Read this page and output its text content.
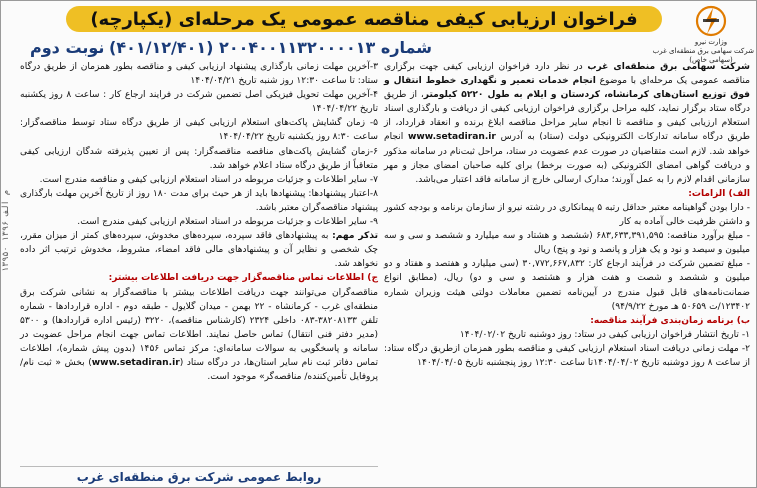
۱۳۹۵۰ م الف ۱۳۹۶
فراخوان ارزیابی کیفی مناقصه عمومی یک مرحله‌ای (یکپارچه)
وزارت نیرو
شرکت سهامی برق منطقه‌ای غرب
(سهامی خاص)
شماره ۲۰۰۴۰۰۱۱۳۲۰۰۰۰۱۳ (۴۰۱/۱۲/۴۰۱)
نوبت دوم

شرکت سهامی برق منطقه‌ای غرب در نظر دارد فراخوان ارزیابی کیفی جهت برگزاری مناقصه عمومی یک مرحله‌ای با موضوع انجام خدمات تعمیر و نگهداری خطوط انتقال و فوق توزیع استان‌های کرمانشاه، کردستان و ایلام به طول ۵۲۲۰ کیلومتر، از طریق درگاه ستاد برگزار نماید، کلیه مراحل برگزاری فراخوان ارزیابی کیفی از دریافت و بارگذاری اسناد استعلام ارزیابی کیفی و مناقصه تا انجام سایر مراحل مناقصه ابلاغ برنده و انعقاد قرارداد، از طریق درگاه سامانه تدارکات الکترونیکی دولت (ستاد) به آدرس www.setadiran.ir انجام خواهد شد. لازم است متقاضیان در صورت عدم عضویت در ستاد، مراحل ثبت‌نام در سامانه مذکور و دریافت گواهی امضای الکترونیکی (به صورت برخط) برای کلیه صاحبان امضای مجاز و مهر سازمانی اقدام لازم را به عمل آورند؛ مدارک ارسالی خارج از سامانه فاقد اعتبار می‌باشد.

الف) الزامات:

- دارا بودن گواهینامه معتبر حداقل رتبه ۵ پیمانکاری در رشته نیرو از سازمان برنامه و بودجه کشور و داشتن ظرفیت خالی آماده به کار

- مبلغ برآورد مناقصه: ۶۸۳,۶۳۳,۳۹۱,۵۹۵ (ششصد و هشتاد و سه میلیارد و ششصد و سی و سه میلیون و سیصد و نود و یک هزار و پانصد و نود و پنج) ریال

- مبلغ تضمین شرکت در فرآیند ارجاع کار: ۳۰,۷۷۲,۶۶۷,۸۳۲ (سی میلیارد و هفتصد و هفتاد و دو میلیون و ششصد و شصت و هفت هزار و هشتصد و سی و دو) ریال، (مطابق انواع ضمانت‌نامه‌های قابل قبول مندرج در آیین‌نامه تضمین معاملات دولتی هیئت وزیران شماره ۱۲۳۴۰۲/ت ۵۰۶۵۹ هـ مورخ ۹۴/۹/۲۲)

ب) برنامه زمان‌بندی فرآیند مناقصه:

۱- تاریخ انتشار فراخوان ارزیابی کیفی در ستاد: روز دوشنبه تاریخ ۱۴۰۴/۰۲/۰۲

۲- مهلت زمانی دریافت اسناد استعلام ارزیابی کیفی و مناقصه بطور همزمان ازطریق درگاه ستاد: از ساعت ۸ روز دوشنبه تاریخ ۱۴۰۴/۰۴/۰۲تا ساعت ۱۲:۳۰ روز پنجشنبه تاریخ ۱۴۰۴/۰۴/۰۵

۳-آخرین مهلت زمانی بارگذاری پیشنهاد ارزیابی کیفی و مناقصه بطور همزمان از طریق درگاه ستاد: تا ساعت ۱۲:۳۰ روز شنبه تاریخ ۱۴۰۴/۰۴/۲۱

۴-آخرین مهلت تحویل فیزیکی اصل تضمین شرکت در فرایند ارجاع کار : ساعت ۸ روز یکشنبه تاریخ ۱۴۰۴/۰۴/۲۲

۵- زمان گشایش پاکت‌های استعلام ارزیابی کیفی از طریق درگاه ستاد توسط مناقصه‌گزار: ساعت ۸:۳۰ روز یکشنبه تاریخ ۱۴۰۴/۰۴/۲۲

۶-زمان گشایش پاکت‌های مناقصه مناقصه‌گزار: پس از تعیین پذیرفته شدگان ارزیابی کیفی متعاقباً از طریق درگاه ستاد اعلام خواهد شد.

۷- سایر اطلاعات و جزئیات مربوطه در اسناد استعلام ارزیابی کیفی و مناقصه مندرج است.

۸-اعتبار پیشنهادها: پیشنهادها باید از هر حیث برای مدت ۱۸۰ روز از تاریخ آخرین مهلت بارگذاری پیشنهاد مناقصه‌گران معتبر باشد.

۹- سایر اطلاعات و جزئیات مربوطه در اسناد استعلام ارزیابی کیفی مندرج است.

تذکر مهم: به پیشنهادهای فاقد سپرده، سپرده‌های مخدوش، سپرده‌های کمتر از میزان مقرر، چک شخصی و نظایر آن و پیشنهادهای مالی فاقد امضاء، مشروط، مخدوش ترتیب اثر داده نخواهد شد.

ج) اطلاعات تماس مناقصه‌گزار جهت دریافت اطلاعات بیشتر:

مناقصه‌گران می‌توانند جهت دریافت اطلاعات بیشتر با مناقصه‌گزار به نشانی شرکت برق منطقه‌ای غرب - کرمانشاه - ۲۲ بهمن - میدان گلایول - طبقه دوم - اداره قراردادها - شماره تلفن ۳۸۲۰۸۱۳۳-۰۸۳ داخلی ۲۳۲۴ (کارشناس مناقصه)، ۳۲۲۰ (رئیس اداره قراردادها) و ۵۳۰۰ (مدیر دفتر فنی انتقال) تماس حاصل نمایند. اطلاعات تماس جهت انجام مراحل عضویت در سامانه و پاسخگویی به سوالات سامانه‌ای: مرکز تماس ۱۴۵۶ (بدون پیش شماره)، اطلاعات تماس دفاتر ثبت نام سایر استان‌ها، در درگاه ستاد (www.setadiran.ir) بخش « ثبت نام/ پروفایل تأمین‌کننده/ مناقصه‌گر» موجود است.

روابط عمومی شرکت برق منطقه‌ای غرب
